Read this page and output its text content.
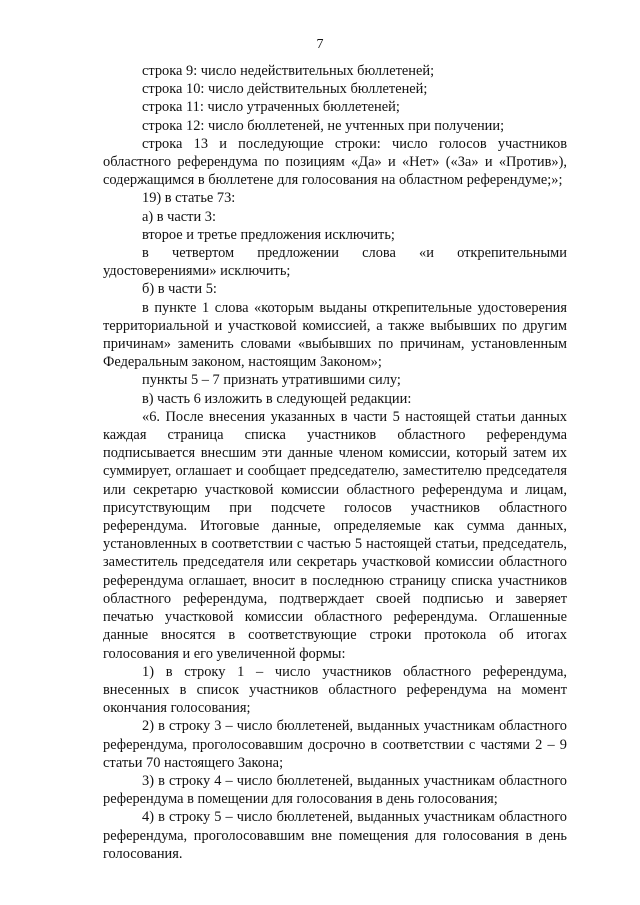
7

строка 9: число недействительных бюллетеней;

строка 10: число действительных бюллетеней;

строка 11: число утраченных бюллетеней;

строка 12: число бюллетеней, не учтенных при получении;

строка 13 и последующие строки: число голосов участников областного референдума по позициям «Да» и «Нет» («За» и «Против»), содержащимся в бюллетене для голосования на областном референдуме;»;

19) в статье 73:

а) в части 3:

второе и третье предложения исключить;

в четвертом предложении слова «и открепительными удостоверениями» исключить;

б) в части 5:

в пункте 1 слова «которым выданы открепительные удостоверения территориальной и участковой комиссией, а также выбывших по другим причинам» заменить словами «выбывших по причинам, установленным Федеральным законом, настоящим Законом»;

пункты 5 – 7 признать утратившими силу;

в) часть 6 изложить в следующей редакции:

«6. После внесения указанных в части 5 настоящей статьи данных каждая страница списка участников областного референдума подписывается внесшим эти данные членом комиссии, который затем их суммирует, оглашает и сообщает председателю, заместителю председателя или секретарю участковой комиссии областного референдума и лицам, присутствующим при подсчете голосов участников областного референдума. Итоговые данные, определяемые как сумма данных, установленных в соответствии с частью 5 настоящей статьи, председатель, заместитель председателя или секретарь участковой комиссии областного референдума оглашает, вносит в последнюю страницу списка участников областного референдума, подтверждает своей подписью и заверяет печатью участковой комиссии областного референдума. Оглашенные данные вносятся в соответствующие строки протокола об итогах голосования и его увеличенной формы:

1) в строку 1 – число участников областного референдума, внесенных в список участников областного референдума на момент окончания голосования;

2) в строку 3 – число бюллетеней, выданных участникам областного референдума, проголосовавшим досрочно в соответствии с частями 2 – 9 статьи 70 настоящего Закона;

3) в строку 4 – число бюллетеней, выданных участникам областного референдума в помещении для голосования в день голосования;

4) в строку 5 – число бюллетеней, выданных участникам областного референдума, проголосовавшим вне помещения для голосования в день голосования.
